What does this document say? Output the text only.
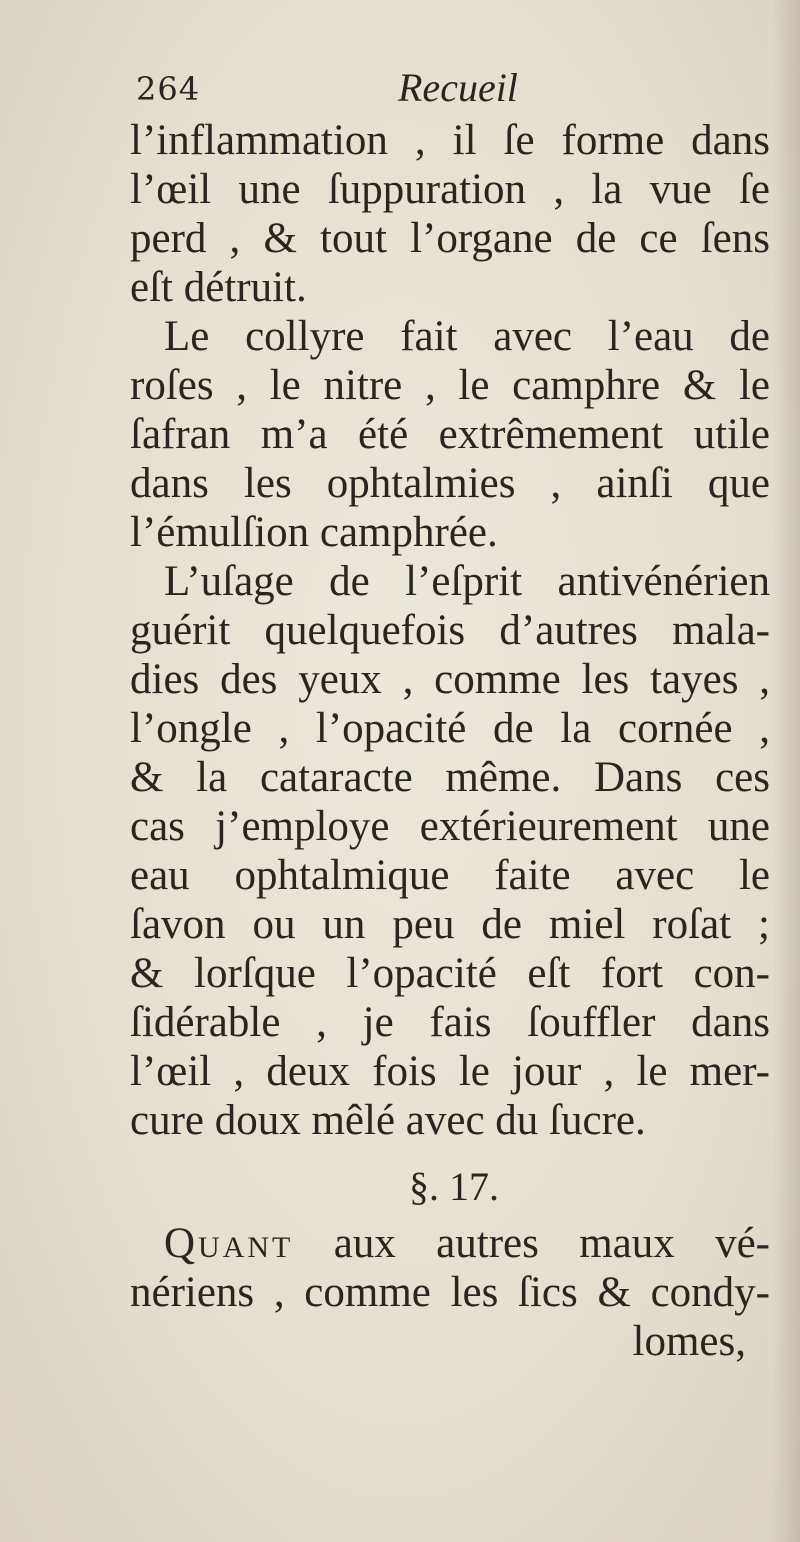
264	Recueil
l’inflammation , il ſe forme dans
l’œil une ſuppuration , la vue ſe
perd , & tout l’organe de ce ſens
eſt détruit.
Le collyre fait avec l’eau de
roſes , le nitre , le camphre & le
ſafran m’a été extrêmement utile
dans les ophtalmies , ainſi que
l’émulſion camphrée.
L’uſage de l’eſprit antivénérien
guérit quelquefois d’autres mala-
dies des yeux , comme les tayes ,
l’ongle , l’opacité de la cornée ,
& la cataracte même. Dans ces
cas j’employe extérieurement une
eau ophtalmique faite avec le
ſavon ou un peu de miel roſat ;
& lorſque l’opacité eſt fort con-
ſidérable , je fais ſouffler dans
l’œil , deux fois le jour , le mer-
cure doux mêlé avec du ſucre.
§. 17.
Quant aux autres maux vé-
nériens , comme les ſics & condy-
lomes,
